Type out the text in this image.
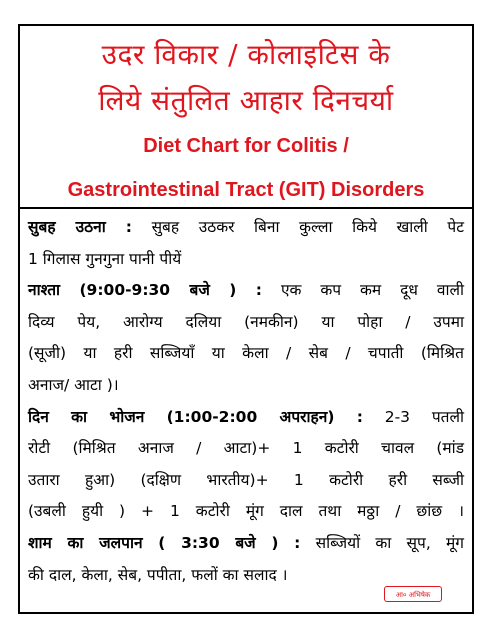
उदर विकार / कोलाइटिस के
लिये संतुलित आहार दिनचर्या
Diet Chart for Colitis /
Gastrointestinal Tract (GIT) Disorders
सुबह उठना : सुबह उठकर बिना कुल्ला किये खाली पेट
1 गिलास गुनगुना पानी पीयें
नाश्ता (9:00-9:30 बजे ) : एक कप कम दूध वाली
दिव्य पेय, आरोग्य दलिया (नमकीन) या पोहा / उपमा
(सूजी) या हरी सब्जियाँ या केला / सेब / चपाती (मिश्रित
अनाज/ आटा )।
दिन का भोजन (1:00-2:00 अपराहन) : 2-3 पतली
रोटी (मिश्रित अनाज / आटा)+ 1 कटोरी चावल (मांड
उतारा हुआ) (दक्षिण भारतीय)+ 1 कटोरी हरी सब्जी
(उबली हुयी ) + 1 कटोरी मूंग दाल तथा मठ्ठा / छांछ ।
शाम का जलपान ( 3:30 बजे ) : सब्जियों का सूप, मूंग
की दाल, केला, सेब, पपीता, फलों का सलाद ।
आ० अभिषेक
